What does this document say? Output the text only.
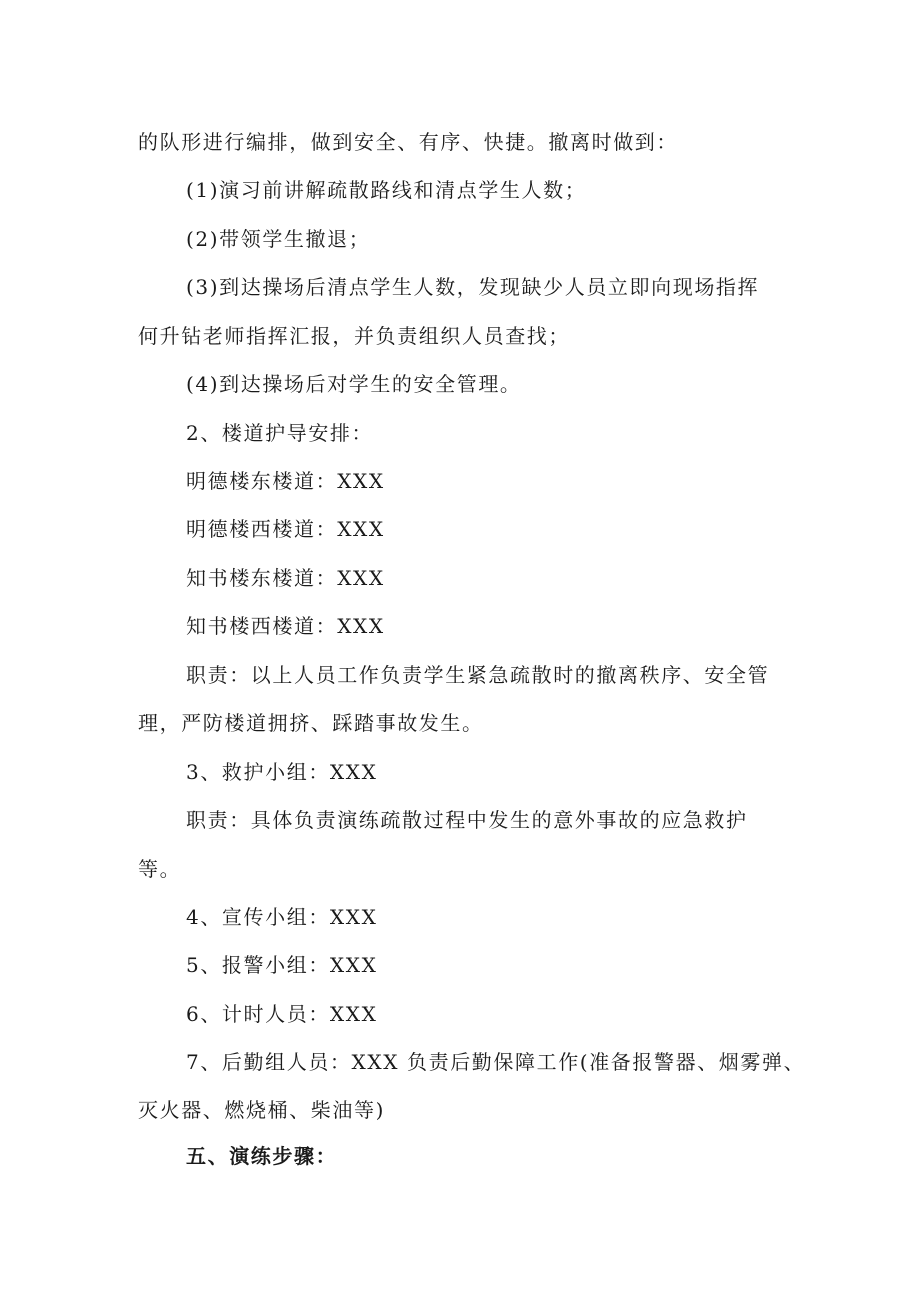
的队形进行编排，做到安全、有序、快捷。撤离时做到：
(1)演习前讲解疏散路线和清点学生人数；
(2)带领学生撤退；
(3)到达操场后清点学生人数，发现缺少人员立即向现场指挥
何升钻老师指挥汇报，并负责组织人员查找；
(4)到达操场后对学生的安全管理。
2、楼道护导安排：
明德楼东楼道：XXX
明德楼西楼道：XXX
知书楼东楼道：XXX
知书楼西楼道：XXX
职责：以上人员工作负责学生紧急疏散时的撤离秩序、安全管
理，严防楼道拥挤、踩踏事故发生。
3、救护小组：XXX
职责：具体负责演练疏散过程中发生的意外事故的应急救护
等。
4、宣传小组：XXX
5、报警小组：XXX
6、计时人员：XXX
7、后勤组人员：XXX 负责后勤保障工作(准备报警器、烟雾弹、
灭火器、燃烧桶、柴油等)
五、演练步骤：
